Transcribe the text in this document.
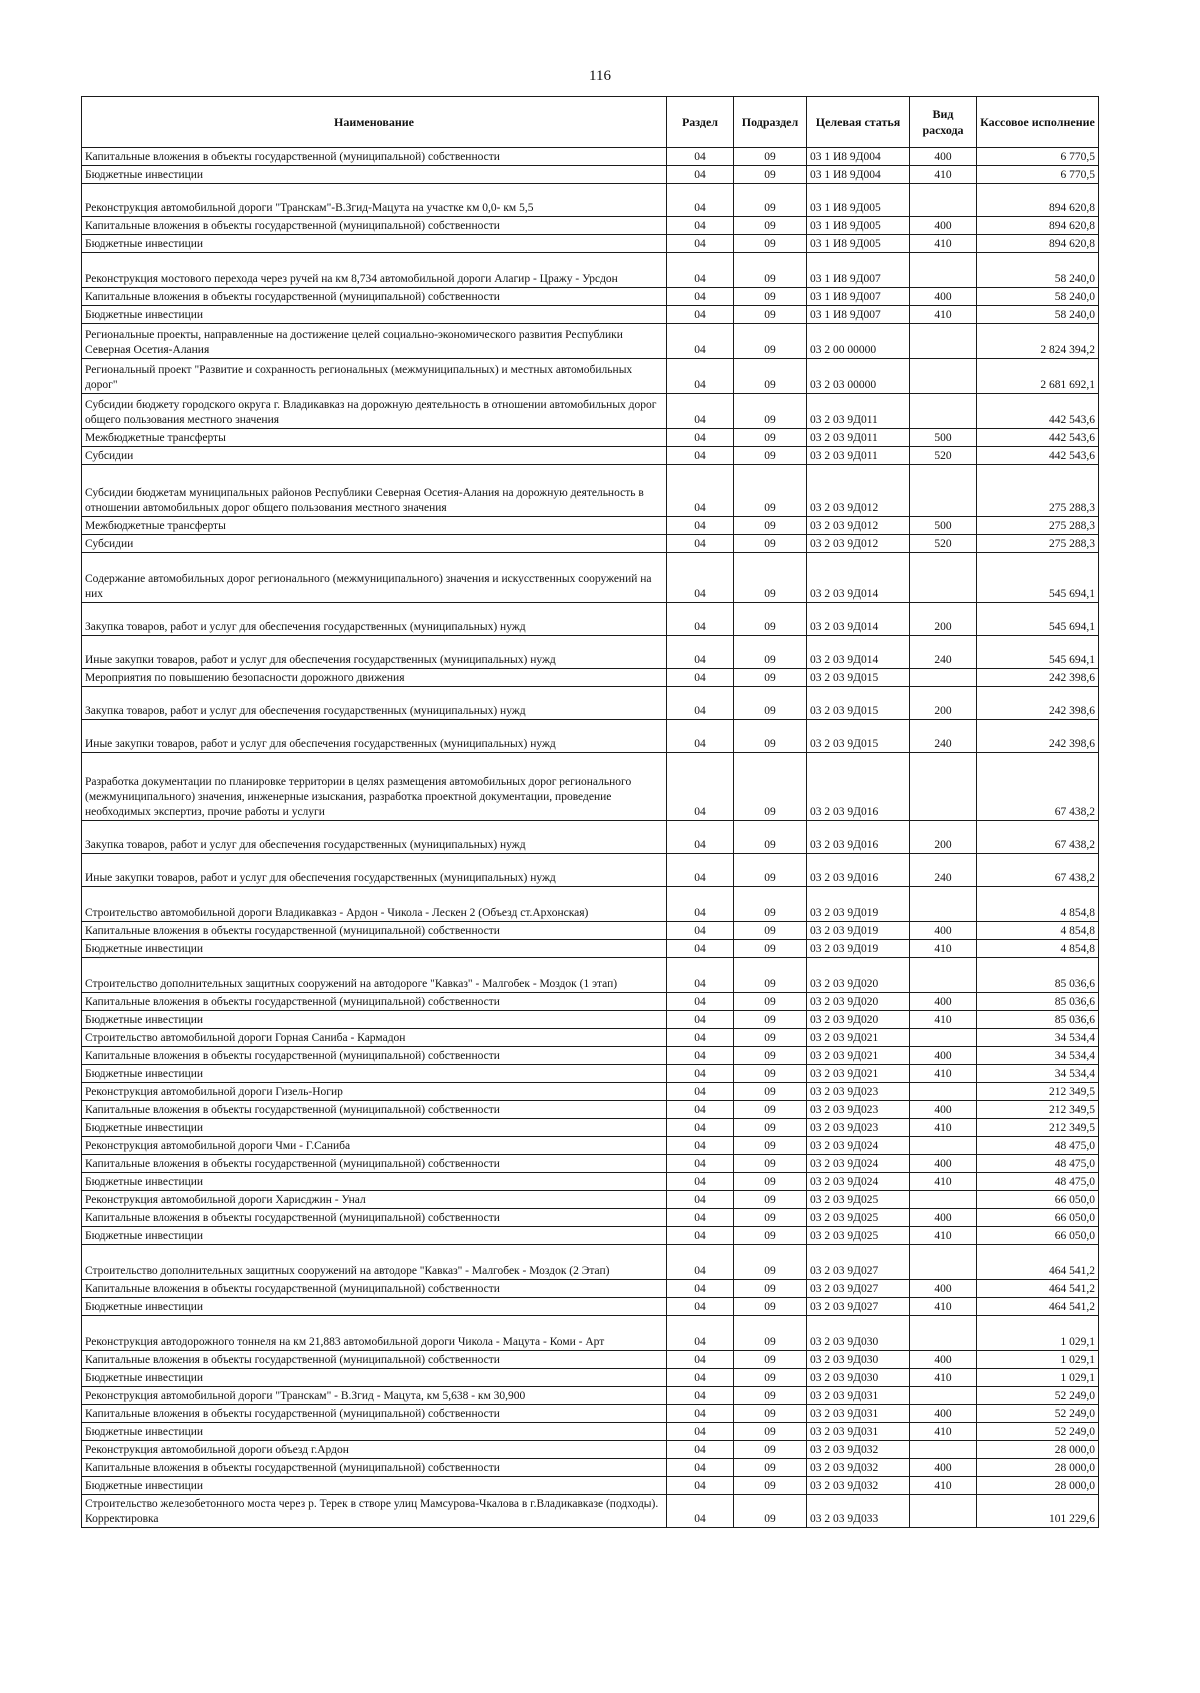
116
Наименование	Раздел	Подраздел	Целевая статья	Вид расхода	Кассовое исполнение
Капитальные вложения в объекты государственной (муниципальной) собственности	04	09	03 1 И8 9Д004	400	6 770,5
Бюджетные инвестиции	04	09	03 1 И8 9Д004	410	6 770,5
Реконструкция автомобильной дороги "Транскам"-В.Згид-Мацута на участке км 0,0- км 5,5	04	09	03 1 И8 9Д005		894 620,8
Капитальные вложения в объекты государственной (муниципальной) собственности	04	09	03 1 И8 9Д005	400	894 620,8
Бюджетные инвестиции	04	09	03 1 И8 9Д005	410	894 620,8
Реконструкция мостового перехода через ручей на км 8,734 автомобильной дороги Алагир - Цражу - Урсдон	04	09	03 1 И8 9Д007		58 240,0
Капитальные вложения в объекты государственной (муниципальной) собственности	04	09	03 1 И8 9Д007	400	58 240,0
Бюджетные инвестиции	04	09	03 1 И8 9Д007	410	58 240,0
Региональные проекты, направленные на достижение целей социально-экономического развития Республики Северная Осетия-Алания	04	09	03 2 00 00000		2 824 394,2
Региональный проект "Развитие и сохранность региональных (межмуниципальных) и местных автомобильных дорог"	04	09	03 2 03 00000		2 681 692,1
Субсидии бюджету городского округа г. Владикавказ на дорожную деятельность в отношении автомобильных дорог общего пользования местного значения	04	09	03 2 03 9Д011		442 543,6
Межбюджетные трансферты	04	09	03 2 03 9Д011	500	442 543,6
Субсидии	04	09	03 2 03 9Д011	520	442 543,6
Субсидии бюджетам муниципальных районов Республики Северная Осетия-Алания на дорожную деятельность в отношении автомобильных дорог общего пользования местного значения	04	09	03 2 03 9Д012		275 288,3
Межбюджетные трансферты	04	09	03 2 03 9Д012	500	275 288,3
Субсидии	04	09	03 2 03 9Д012	520	275 288,3
Содержание автомобильных дорог регионального (межмуниципального) значения и искусственных сооружений на них	04	09	03 2 03 9Д014		545 694,1
Закупка товаров, работ и услуг для обеспечения государственных (муниципальных) нужд	04	09	03 2 03 9Д014	200	545 694,1
Иные закупки товаров, работ и услуг для обеспечения государственных (муниципальных) нужд	04	09	03 2 03 9Д014	240	545 694,1
Мероприятия по повышению безопасности дорожного движения	04	09	03 2 03 9Д015		242 398,6
Закупка товаров, работ и услуг для обеспечения государственных (муниципальных) нужд	04	09	03 2 03 9Д015	200	242 398,6
Иные закупки товаров, работ и услуг для обеспечения государственных (муниципальных) нужд	04	09	03 2 03 9Д015	240	242 398,6
Разработка документации по планировке территории в целях размещения автомобильных дорог регионального (межмуниципального) значения, инженерные изыскания, разработка проектной документации, проведение необходимых экспертиз, прочие работы и услуги	04	09	03 2 03 9Д016		67 438,2
Закупка товаров, работ и услуг для обеспечения государственных (муниципальных) нужд	04	09	03 2 03 9Д016	200	67 438,2
Иные закупки товаров, работ и услуг для обеспечения государственных (муниципальных) нужд	04	09	03 2 03 9Д016	240	67 438,2
Строительство автомобильной дороги Владикавказ - Ардон - Чикола - Лескен 2 (Объезд ст.Архонская)	04	09	03 2 03 9Д019		4 854,8
Капитальные вложения в объекты государственной (муниципальной) собственности	04	09	03 2 03 9Д019	400	4 854,8
Бюджетные инвестиции	04	09	03 2 03 9Д019	410	4 854,8
Строительство дополнительных защитных сооружений на автодороге "Кавказ" - Малгобек - Моздок (1 этап)	04	09	03 2 03 9Д020		85 036,6
Капитальные вложения в объекты государственной (муниципальной) собственности	04	09	03 2 03 9Д020	400	85 036,6
Бюджетные инвестиции	04	09	03 2 03 9Д020	410	85 036,6
Строительство автомобильной дороги Горная Саниба - Кармадон	04	09	03 2 03 9Д021		34 534,4
Капитальные вложения в объекты государственной (муниципальной) собственности	04	09	03 2 03 9Д021	400	34 534,4
Бюджетные инвестиции	04	09	03 2 03 9Д021	410	34 534,4
Реконструкция автомобильной дороги Гизель-Ногир	04	09	03 2 03 9Д023		212 349,5
Капитальные вложения в объекты государственной (муниципальной) собственности	04	09	03 2 03 9Д023	400	212 349,5
Бюджетные инвестиции	04	09	03 2 03 9Д023	410	212 349,5
Реконструкция автомобильной дороги Чми - Г.Саниба	04	09	03 2 03 9Д024		48 475,0
Капитальные вложения в объекты государственной (муниципальной) собственности	04	09	03 2 03 9Д024	400	48 475,0
Бюджетные инвестиции	04	09	03 2 03 9Д024	410	48 475,0
Реконструкция автомобильной дороги Харисджин - Унал	04	09	03 2 03 9Д025		66 050,0
Капитальные вложения в объекты государственной (муниципальной) собственности	04	09	03 2 03 9Д025	400	66 050,0
Бюджетные инвестиции	04	09	03 2 03 9Д025	410	66 050,0
Строительство дополнительных защитных сооружений на автодоре "Кавказ" - Малгобек - Моздок (2 Этап)	04	09	03 2 03 9Д027		464 541,2
Капитальные вложения в объекты государственной (муниципальной) собственности	04	09	03 2 03 9Д027	400	464 541,2
Бюджетные инвестиции	04	09	03 2 03 9Д027	410	464 541,2
Реконструкция автодорожного тоннеля на км 21,883 автомобильной дороги Чикола - Мацута - Коми - Арт	04	09	03 2 03 9Д030		1 029,1
Капитальные вложения в объекты государственной (муниципальной) собственности	04	09	03 2 03 9Д030	400	1 029,1
Бюджетные инвестиции	04	09	03 2 03 9Д030	410	1 029,1
Реконструкция автомобильной дороги "Транскам" - В.Згид - Мацута, км 5,638 - км 30,900	04	09	03 2 03 9Д031		52 249,0
Капитальные вложения в объекты государственной (муниципальной) собственности	04	09	03 2 03 9Д031	400	52 249,0
Бюджетные инвестиции	04	09	03 2 03 9Д031	410	52 249,0
Реконструкция автомобильной дороги объезд г.Ардон	04	09	03 2 03 9Д032		28 000,0
Капитальные вложения в объекты государственной (муниципальной) собственности	04	09	03 2 03 9Д032	400	28 000,0
Бюджетные инвестиции	04	09	03 2 03 9Д032	410	28 000,0
Строительство железобетонного моста через р. Терек в створе улиц Мамсурова-Чкалова в г.Владикавказе (подходы). Корректировка	04	09	03 2 03 9Д033		101 229,6
